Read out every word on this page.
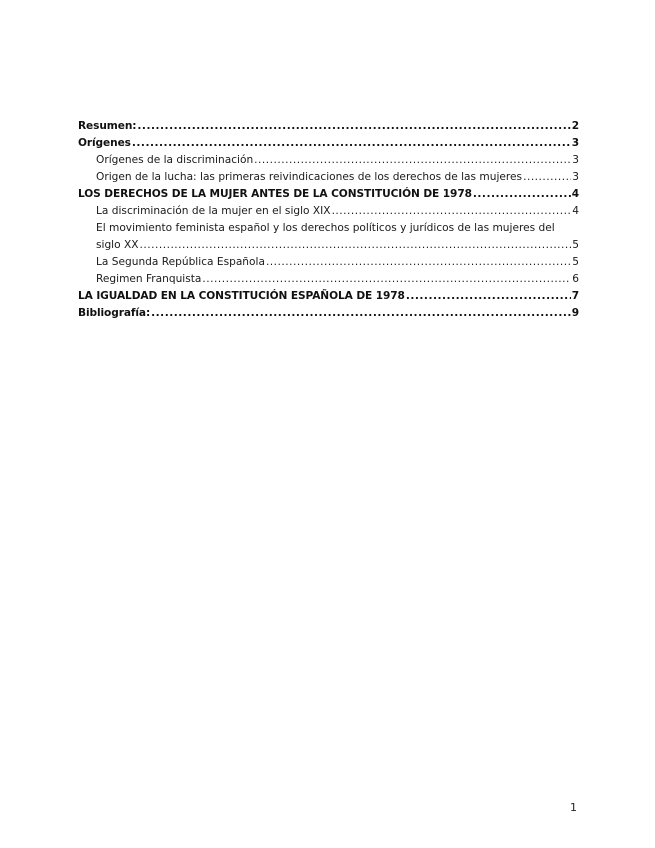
Resumen: .....	2
Orígenes .....	3
Orígenes de la discriminación .....	3
Origen de la lucha: las primeras reivindicaciones de los derechos de las mujeres .....	3
LOS DERECHOS DE LA MUJER ANTES DE LA CONSTITUCIÓN DE 1978 .....	4
La discriminación de la mujer en el siglo XIX .....	4
El movimiento feminista español y los derechos políticos y jurídicos de las mujeres del
siglo XX .....	5
La Segunda República Española .....	5
Regimen Franquista .....	6
LA IGUALDAD EN LA CONSTITUCIÓN ESPAÑOLA DE 1978 .....	7
Bibliografía: .....	9
1
